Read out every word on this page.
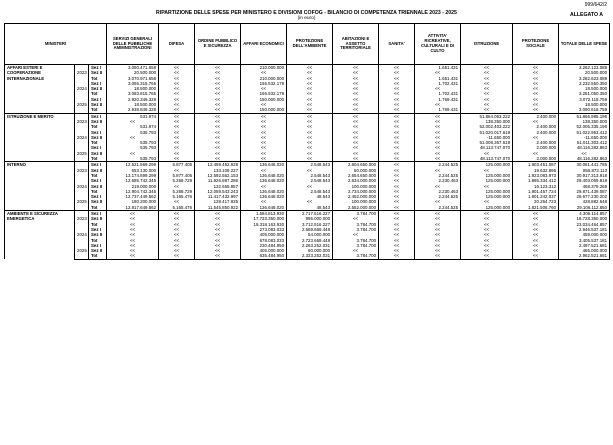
999/642/2
RIPARTIZIONE DELLE SPESE PER MINISTERO E DIVISIONI COFOG - BILANCIO DI COMPETENZA TRIENNALE 2023 - 2025
(in euro)
ALLEGATO A
MINISTERI			SERVIZI GENERALI DELLE PUBBLICHE AMMINISTRAZIONI	DIFESA	ORDINE PUBBLICO E SICUREZZA	AFFARI ECONOMICI	PROTEZIONE DELL'AMBIENTE	ABITAZIONI E ASSETTO TERRITORIALE	SANITA'	ATTIVITA' RICREATIVE, CULTURALI E DI CULTO	ISTRUZIONE	PROTEZIONE SOCIALE	TOTALE DELLE SPESE
AFFARI ESTERI E COOPERAZIONE INTERNAZIONALE		Sez I	3.050.471.658	<<	<<	210.000.000	<<	<<	<<	1.651.431	<<	<<	3.262.123.089
	2023	Sez II	20.500.000	<<	<<	<<	<<	<<	<<	<<	<<	<<	20.500.000
		Tot	3.070.971.658	<<	<<	210.000.000	<<	<<	<<	1.651.431	<<	<<	3.282.623.089
		Sez I	3.065.315.765	<<	<<	165.532.179	<<	<<	<<	1.702.431	<<	<<	3.232.550.350
	2024	Sez II	18.500.000	<<	<<	<<	<<	<<	<<	<<	<<	<<	18.500.000
		Tot	3.083.815.765	<<	<<	165.532.179	<<	<<	<<	1.702.431	<<	<<	3.251.050.350
		Sez I	2.920.349.328	<<	<<	150.000.000	<<	<<	<<	1.769.431	<<	<<	3.072.118.759
	2025	Sez II	18.500.000	<<	<<	<<	<<	<<	<<	<<	<<	<<	18.500.000
		Tot	2.938.849.328	<<	<<	150.000.000	<<	<<	<<	1.769.431	<<	<<	3.090.618.759
ISTRUZIONE E MERITO		Sez I	531.974	<<	<<	<<	<<	<<	<<	<<	51.864.053.222	2.400.000	51.866.985.196
	2023	Sez II	<<	<<	<<	<<	<<	<<	<<	<<	138.350.000	<<	138.350.000
		Tot	531.974	<<	<<	<<	<<	<<	<<	<<	52.002.403.222	2.400.000	52.005.335.196
		Sez I	535.793	<<	<<	<<	<<	<<	<<	<<	51.020.017.619	2.400.000	51.022.953.412
	2024	Sez II	<<	<<	<<	<<	<<	<<	<<	<<	-11.650.000	<<	-11.650.000
		Tot	535.793	<<	<<	<<	<<	<<	<<	<<	51.008.367.619	2.400.000	51.011.303.412
		Sez I	535.793	<<	<<	<<	<<	<<	<<	<<	48.113.747.070	2.000.000	48.116.282.863
	2025	Sez II	<<	<<	<<	<<	<<	<<	<<	<<	<<	<<	<<
		Tot	535.793	<<	<<	<<	<<	<<	<<	<<	48.113.747.070	2.000.000	48.116.282.863
INTERNO		Sez I	12.521.569.299	5.877.405	12.459.452.928	136.648.020	2.548.543	2.604.650.000	<<	2.244.525	125.000.000	1.903.451.087	30.061.441.785
	2023	Sez II	653.130.000	<<	133.109.227	<<	<<	50.000.000	<<	<<	<<	19.632.895	855.872.113
		Tot	13.174.699.299	5.877.405	12.592.562.153	136.648.020	2.548.543	2.654.650.000	<<	2.244.525	125.000.000	1.923.083.973	30.917.313.918
		Sez I	12.685.742.345	5.268.729	11.926.887.286	136.648.020	2.548.543	2.634.000.000	<<	2.230.463	125.000.000	1.885.334.412	29.403.059.818
	2024	Sez II	219.000.000	<<	132.655.957	<<	<<	100.000.000	<<	<<	<<	16.123.312	468.379.269
		Tot	12.904.742.345	5.268.729	12.059.543.243	136.648.020	2.548.543	2.734.000.000	<<	2.230.463	125.000.000	1.901.457.724	29.871.439.087
		Sez I	12.737.449.562	5.165.476	11.417.432.997	136.648.020	48.543	2.452.000.000	<<	2.244.525	125.000.000	1.801.242.037	28.677.230.202
	2025	Sez II	180.200.000	<<	128.417.925	<<	<<	100.000.000	<<	<<	<<	20.264.723	428.882.648
		Tot	12.917.649.562	5.165.476	11.545.850.922	136.648.020	48.543	2.552.000.000	<<	2.244.525	125.000.000	1.821.506.760	29.106.112.850
AMBIENTE E SICUREZZA ENERGETICA		Sez I	<<	<<	<<	1.584.813.930	2.717.516.227	3.784.700	<<	<<	<<	<<	4.306.114.857
	2023	Sez II	<<	<<	<<	17.733.350.000	995.000.000	<<	<<	<<	<<	<<	18.728.350.000
		Tot	<<	<<	<<	19.318.163.930	3.712.516.227	3.784.700	<<	<<	<<	<<	23.034.464.857
		Sez I	<<	<<	<<	273.083.033	2.669.669.448	3.784.700	<<	<<	<<	<<	2.946.537.181
	2024	Sez II	<<	<<	<<	405.000.000	54.000.000	<<	<<	<<	<<	<<	459.000.000
		Tot	<<	<<	<<	678.083.033	2.723.669.448	3.784.700	<<	<<	<<	<<	3.405.537.181
		Sez I	<<	<<	<<	230.484.950	2.263.252.031	3.784.700	<<	<<	<<	<<	2.497.521.681
	2025	Sez II	<<	<<	<<	405.000.000	60.000.000	<<	<<	<<	<<	<<	465.000.000
		Tot	<<	<<	<<	635.484.950	2.323.252.031	3.784.700	<<	<<	<<	<<	2.962.521.681
